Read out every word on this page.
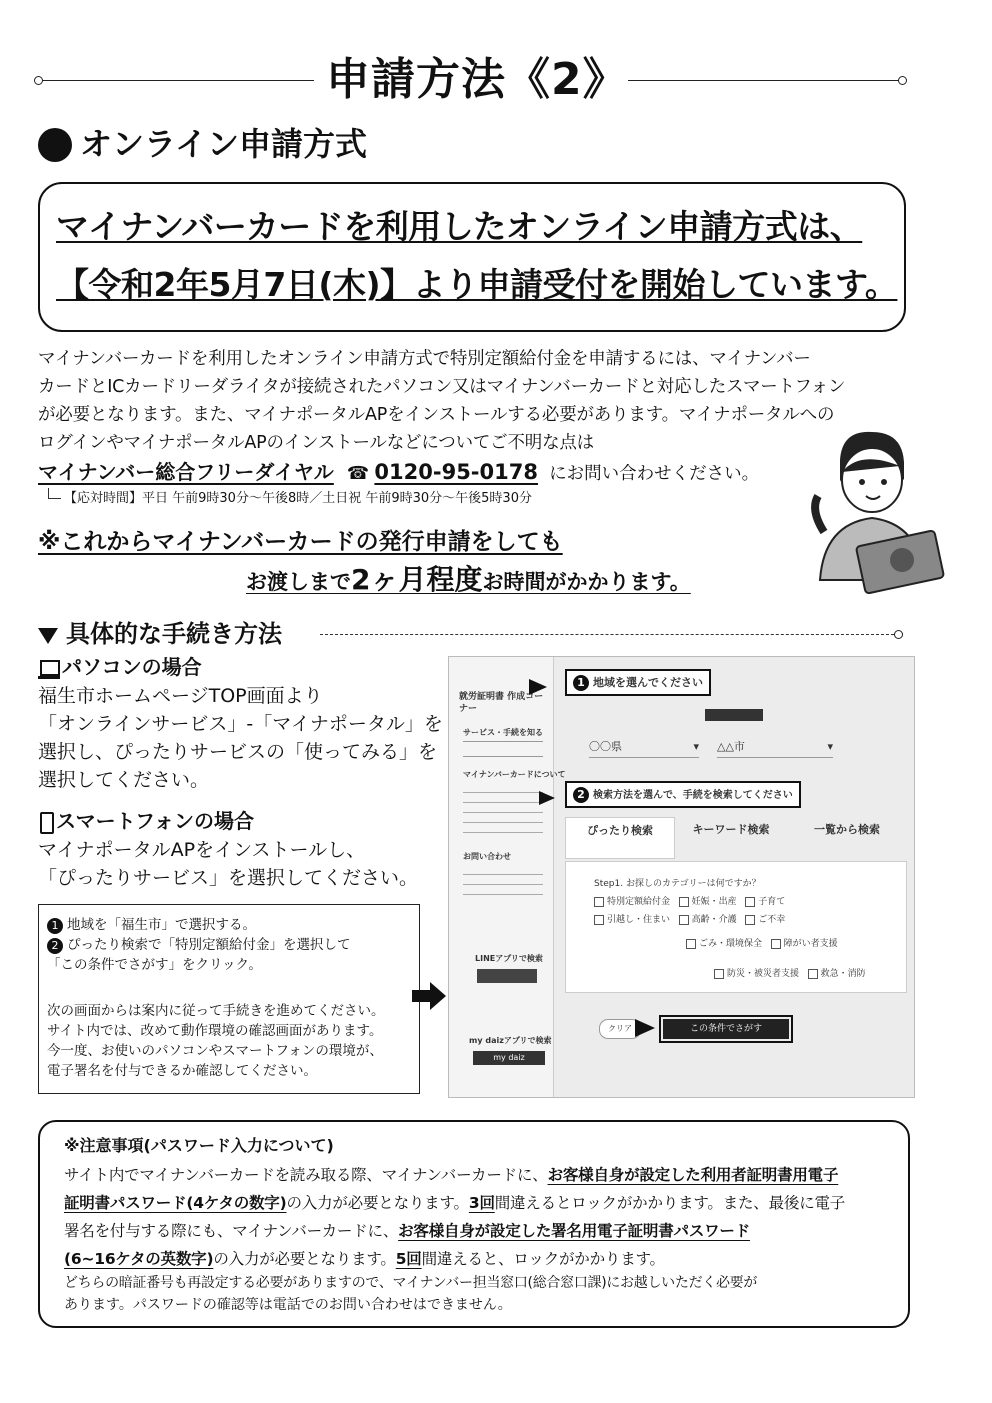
申請方法《2》
オンライン申請方式
マイナンバーカードを利用したオンライン申請方式は、
【令和2年5月7日(木)】より申請受付を開始しています。
マイナンバーカードを利用したオンライン申請方式で特別定額給付金を申請するには、マイナンバー
カードとICカードリーダライタが接続されたパソコン又はマイナンバーカードと対応したスマートフォン
が必要となります。また、マイナポータルAPをインストールする必要があります。マイナポータルへの
ログインやマイナポータルAPのインストールなどについてご不明な点は
マイナンバー総合フリーダイヤル ☎ 0120-95-0178 にお問い合わせください。
【応対時間】平日 午前9時30分～午後8時／土日祝 午前9時30分～午後5時30分
※これからマイナンバーカードの発行申請をしても
お渡しまで2ヶ月程度お時間がかかります。
具体的な手続き方法
パソコンの場合
福生市ホームページTOP画面より
「オンラインサービス」-「マイナポータル」を
選択し、ぴったりサービスの「使ってみる」を
選択してください。
スマートフォンの場合
マイナポータルAPをインストールし、
「ぴったりサービス」を選択してください。
1 地域を「福生市」で選択する。
2 ぴったり検索で「特別定額給付金」を選択して
「この条件でさがす」をクリック。
次の画面からは案内に従って手続きを進めてください。
サイト内では、改めて動作環境の確認画面があります。
今一度、お使いのパソコンやスマートフォンの環境が、
電子署名を付与できるか確認してください。
就労証明書 作成コーナー
サービス・手続を知る
マイナンバーカードについて
お問い合わせ
LINEアプリで検索
my daizアプリで検索
my daiz
1 地域を選んでください
〇〇県	▾ △△市	▾
2 検索方法を選んで、手続を検索してください
ぴったり検索	キーワード検索	一覧から検索
Step1. お探しのカテゴリーは何ですか？
特別定額給付金 妊娠・出産 子育て
引越し・住まい 高齢・介護 ご不幸
ごみ・環境保全 障がい者支援
防災・被災者支援 救急・消防
クリア	この条件でさがす
※注意事項(パスワード入力について)
サイト内でマイナンバーカードを読み取る際、マイナンバーカードに、お客様自身が設定した利用者証明書用電子
証明書パスワード(4ケタの数字)の入力が必要となります。3回間違えるとロックがかかります。また、最後に電子
署名を付与する際にも、マイナンバーカードに、お客様自身が設定した署名用電子証明書パスワード
(6~16ケタの英数字)の入力が必要となります。5回間違えると、ロックがかかります。
どちらの暗証番号も再設定する必要がありますので、マイナンバー担当窓口(総合窓口課)にお越しいただく必要が
あります。パスワードの確認等は電話でのお問い合わせはできません。
